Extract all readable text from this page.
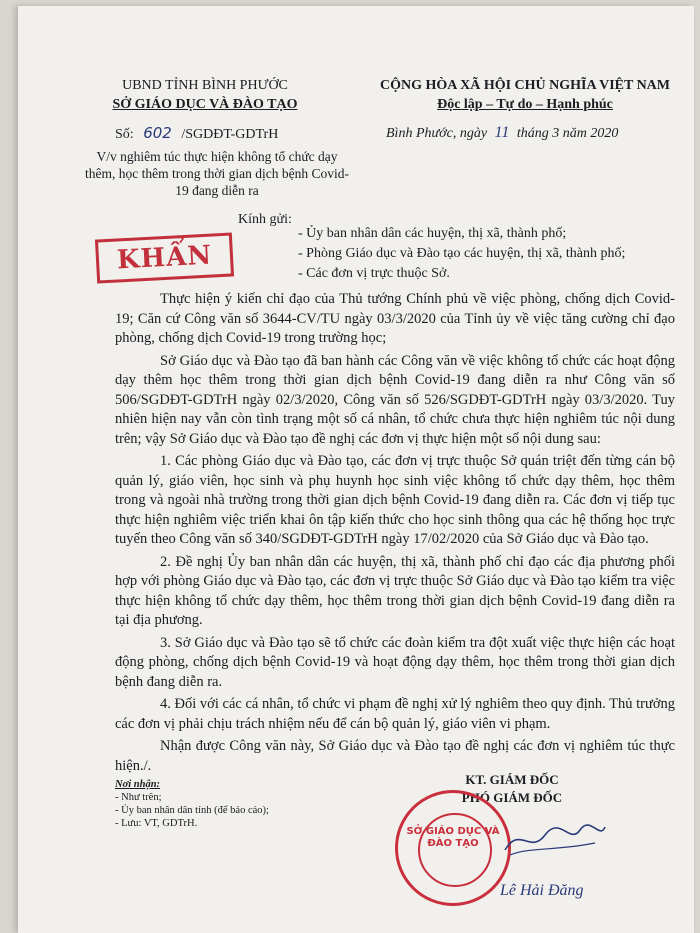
UBND TỈNH BÌNH PHƯỚC
SỞ GIÁO DỤC VÀ ĐÀO TẠO
CỘNG HÒA XÃ HỘI CHỦ NGHĨA VIỆT NAM
Độc lập – Tự do – Hạnh phúc
Số: 602 /SGDĐT-GDTrH	Bình Phước, ngày 11 tháng 3 năm 2020
V/v nghiêm túc thực hiện không tổ chức dạy thêm, học thêm trong thời gian dịch bệnh Covid-19 đang diễn ra
KHẨN
Kính gửi:
- Ủy ban nhân dân các huyện, thị xã, thành phố;
- Phòng Giáo dục và Đào tạo các huyện, thị xã, thành phố;
- Các đơn vị trực thuộc Sở.

Thực hiện ý kiến chỉ đạo của Thủ tướng Chính phủ về việc phòng, chống dịch Covid-19; Căn cứ Công văn số 3644-CV/TU ngày 03/3/2020 của Tỉnh ủy về việc tăng cường chỉ đạo phòng, chống dịch Covid-19 trong trường học;

Sở Giáo dục và Đào tạo đã ban hành các Công văn về việc không tổ chức các hoạt động dạy thêm học thêm trong thời gian dịch bệnh Covid-19 đang diễn ra như Công văn số 506/SGDĐT-GDTrH ngày 02/3/2020, Công văn số 526/SGDĐT-GDTrH ngày 03/3/2020. Tuy nhiên hiện nay vẫn còn tình trạng một số cá nhân, tổ chức chưa thực hiện nghiêm túc nội dung trên; vậy Sở Giáo dục và Đào tạo đề nghị các đơn vị thực hiện một số nội dung sau:

1. Các phòng Giáo dục và Đào tạo, các đơn vị trực thuộc Sở quán triệt đến từng cán bộ quản lý, giáo viên, học sinh và phụ huynh học sinh việc không tổ chức dạy thêm, học thêm trong và ngoài nhà trường trong thời gian dịch bệnh Covid-19 đang diễn ra. Các đơn vị tiếp tục thực hiện nghiêm việc triển khai ôn tập kiến thức cho học sinh thông qua các hệ thống học trực tuyến theo Công văn số 340/SGDĐT-GDTrH ngày 17/02/2020 của Sở Giáo dục và Đào tạo.

2. Đề nghị Ủy ban nhân dân các huyện, thị xã, thành phố chỉ đạo các địa phương phối hợp với phòng Giáo dục và Đào tạo, các đơn vị trực thuộc Sở Giáo dục và Đào tạo kiểm tra việc thực hiện không tổ chức dạy thêm, học thêm trong thời gian dịch bệnh Covid-19 đang diễn ra tại địa phương.

3. Sở Giáo dục và Đào tạo sẽ tổ chức các đoàn kiểm tra đột xuất việc thực hiện các hoạt động phòng, chống dịch bệnh Covid-19 và hoạt động dạy thêm, học thêm trong thời gian dịch bệnh đang diễn ra.

4. Đối với các cá nhân, tổ chức vi phạm đề nghị xử lý nghiêm theo quy định. Thủ trưởng các đơn vị phải chịu trách nhiệm nếu để cán bộ quản lý, giáo viên vi phạm.

Nhận được Công văn này, Sở Giáo dục và Đào tạo đề nghị các đơn vị nghiêm túc thực hiện./.

Nơi nhận:
- Như trên;
- Ủy ban nhân dân tỉnh (để báo cáo);
- Lưu: VT, GDTrH.
KT. GIÁM ĐỐC
PHÓ GIÁM ĐỐC
SỞ GIÁO DỤC VÀ ĐÀO TẠO
Lê Hải Đăng
